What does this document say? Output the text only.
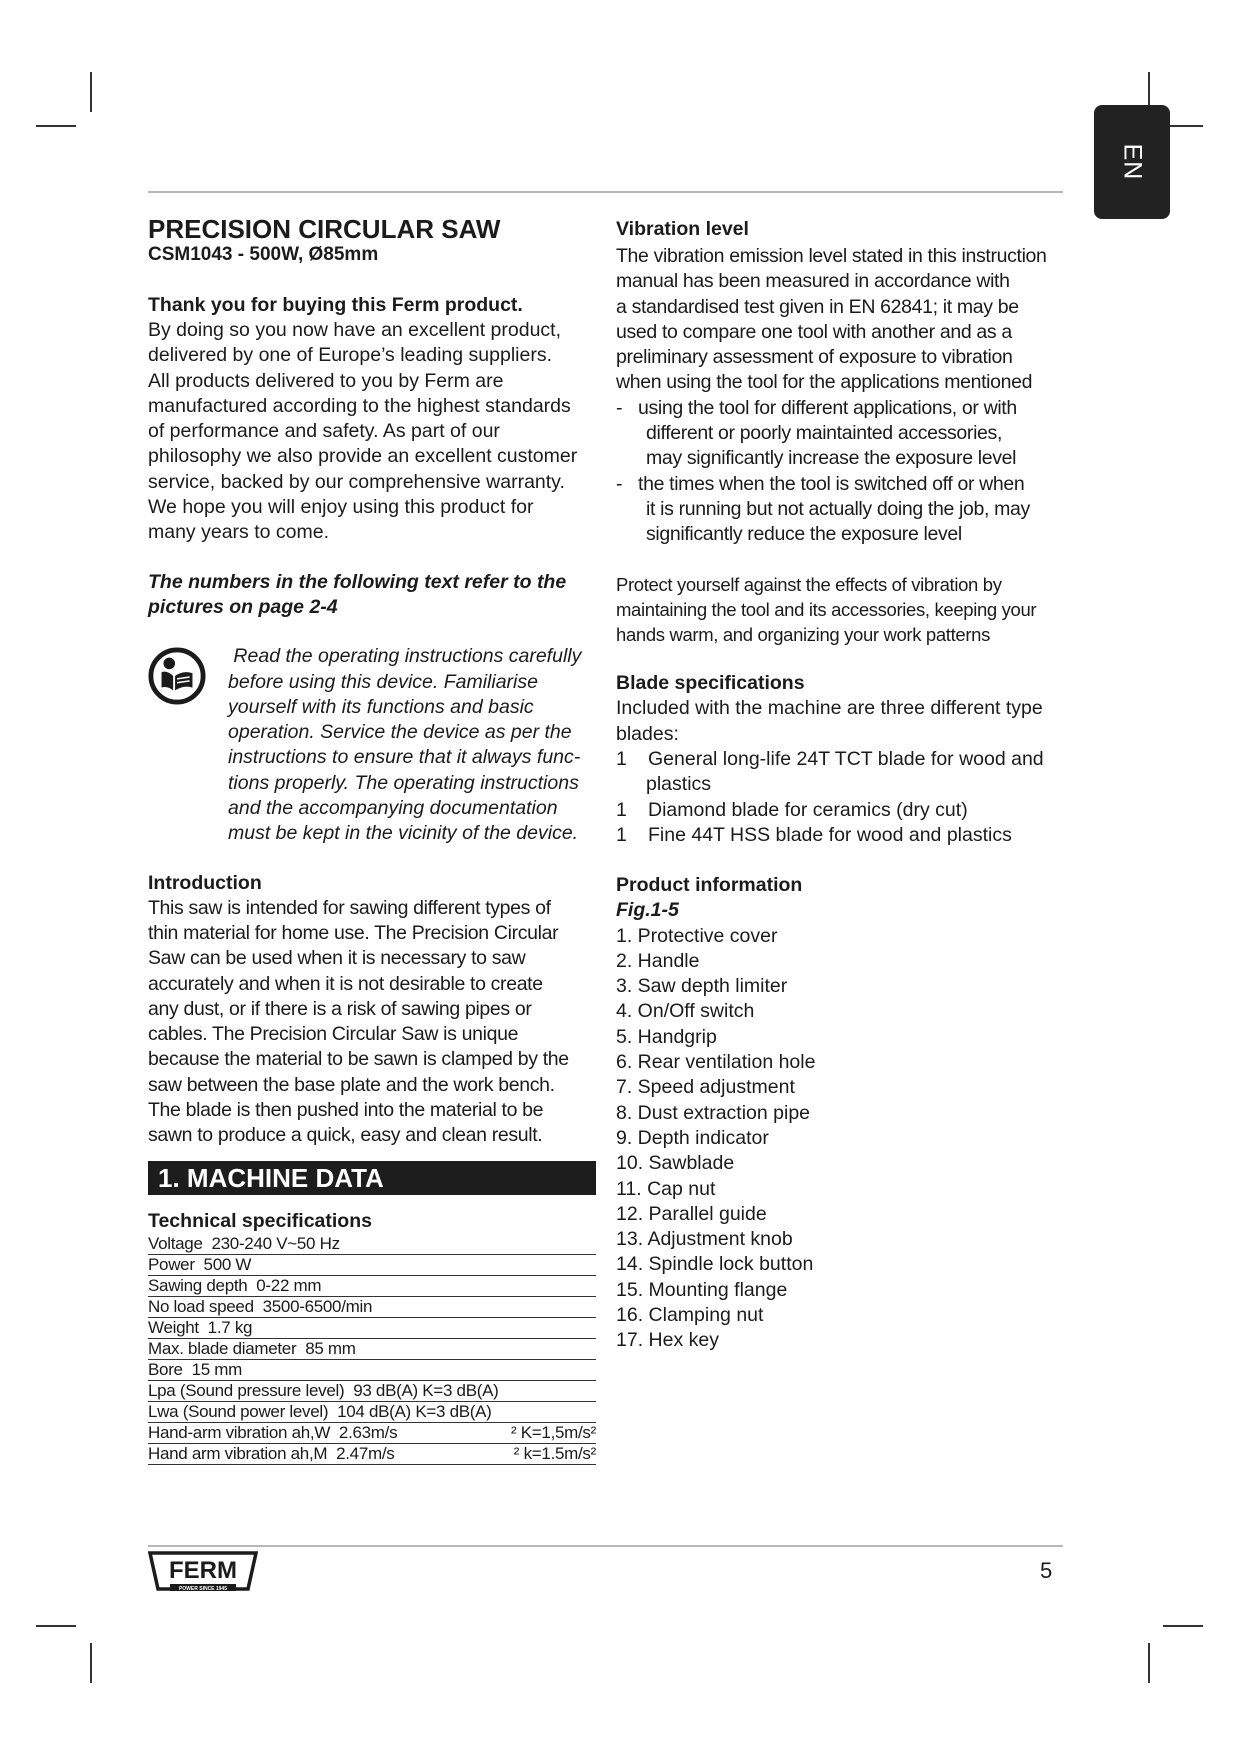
EN
PRECISION CIRCULAR SAW
CSM1043 - 500W, Ø85mm
Thank you for buying this Ferm product.
By doing so you now have an excellent product,
delivered by one of Europe’s leading suppliers.
All products delivered to you by Ferm are
manufactured according to the highest standards
of performance and safety. As part of our
philosophy we also provide an excellent customer
service, backed by our comprehensive warranty.
We hope you will enjoy using this product for
many years to come.
The numbers in the following text refer to the
pictures on page 2-4
Read the operating instructions carefully
before using this device. Familiarise
yourself with its functions and basic
operation. Service the device as per the
instructions to ensure that it always func-
tions properly. The operating instructions
and the accompanying documentation
must be kept in the vicinity of the device.
Introduction
This saw is intended for sawing different types of
thin material for home use. The Precision Circular
Saw can be used when it is necessary to saw
accurately and when it is not desirable to create
any dust, or if there is a risk of sawing pipes or
cables. The Precision Circular Saw is unique
because the material to be sawn is clamped by the
saw between the base plate and the work bench.
The blade is then pushed into the material to be
sawn to produce a quick, easy and clean result.
1. MACHINE DATA
Technical specifications
Voltage 230-240 V~50 Hz	
Power 500 W	
Sawing depth 0-22 mm	
No load speed 3500-6500/min	
Weight 1.7 kg	
Max. blade diameter 85 mm	
Bore 15 mm	
Lpa (Sound pressure level) 93 dB(A) K=3 dB(A)	
Lwa (Sound power level) 104 dB(A) K=3 dB(A)	
Hand-arm vibration ah,W 2.63m/s	² K=1,5m/s²
Hand arm vibration ah,M 2.47m/s	² k=1.5m/s²
Vibration level
The vibration emission level stated in this instruction
manual has been measured in accordance with
a standardised test given in EN 62841; it may be
used to compare one tool with another and as a
preliminary assessment of exposure to vibration
when using the tool for the applications mentioned
- using the tool for different applications, or with
different or poorly maintainted accessories,
may significantly increase the exposure level
- the times when the tool is switched off or when
it is running but not actually doing the job, may
significantly reduce the exposure level
Protect yourself against the effects of vibration by
maintaining the tool and its accessories, keeping your
hands warm, and organizing your work patterns
Blade specifications
Included with the machine are three different type
blades:
1 General long-life 24T TCT blade for wood and
plastics
1 Diamond blade for ceramics (dry cut)
1 Fine 44T HSS blade for wood and plastics
Product information
Fig.1-5
1. Protective cover
2. Handle
3. Saw depth limiter
4. On/Off switch
5. Handgrip
6. Rear ventilation hole
7. Speed adjustment
8. Dust extraction pipe
9. Depth indicator
10. Sawblade
11. Cap nut
12. Parallel guide
13. Adjustment knob
14. Spindle lock button
15. Mounting flange
16. Clamping nut
17. Hex key
FERM
POWER SINCE 1945
5
